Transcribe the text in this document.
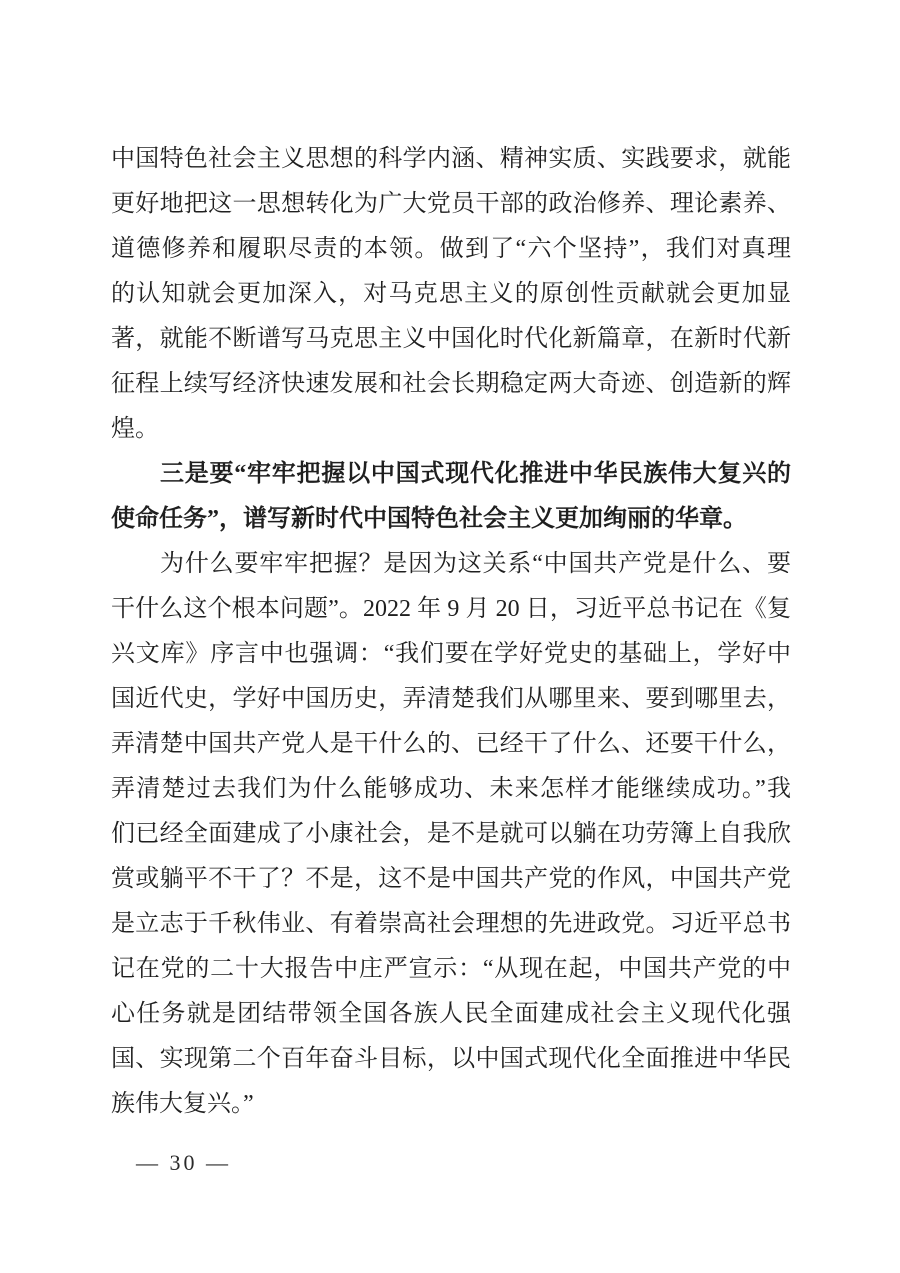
中国特色社会主义思想的科学内涵、精神实质、实践要求，就能
更好地把这一思想转化为广大党员干部的政治修养、理论素养、
道德修养和履职尽责的本领。做到了“六个坚持”，我们对真理
的认知就会更加深入，对马克思主义的原创性贡献就会更加显
著，就能不断谱写马克思主义中国化时代化新篇章，在新时代新
征程上续写经济快速发展和社会长期稳定两大奇迹、创造新的辉
煌。
三是要“牢牢把握以中国式现代化推进中华民族伟大复兴的
使命任务”，谱写新时代中国特色社会主义更加绚丽的华章。
为什么要牢牢把握？是因为这关系“中国共产党是什么、要
干什么这个根本问题”。2022 年 9 月 20 日，习近平总书记在《复
兴文库》序言中也强调：“我们要在学好党史的基础上，学好中
国近代史，学好中国历史，弄清楚我们从哪里来、要到哪里去，
弄清楚中国共产党人是干什么的、已经干了什么、还要干什么，
弄清楚过去我们为什么能够成功、未来怎样才能继续成功。”我
们已经全面建成了小康社会，是不是就可以躺在功劳簿上自我欣
赏或躺平不干了？不是，这不是中国共产党的作风，中国共产党
是立志于千秋伟业、有着崇高社会理想的先进政党。习近平总书
记在党的二十大报告中庄严宣示：“从现在起，中国共产党的中
心任务就是团结带领全国各族人民全面建成社会主义现代化强
国、实现第二个百年奋斗目标，以中国式现代化全面推进中华民
族伟大复兴。”
— 30 —
